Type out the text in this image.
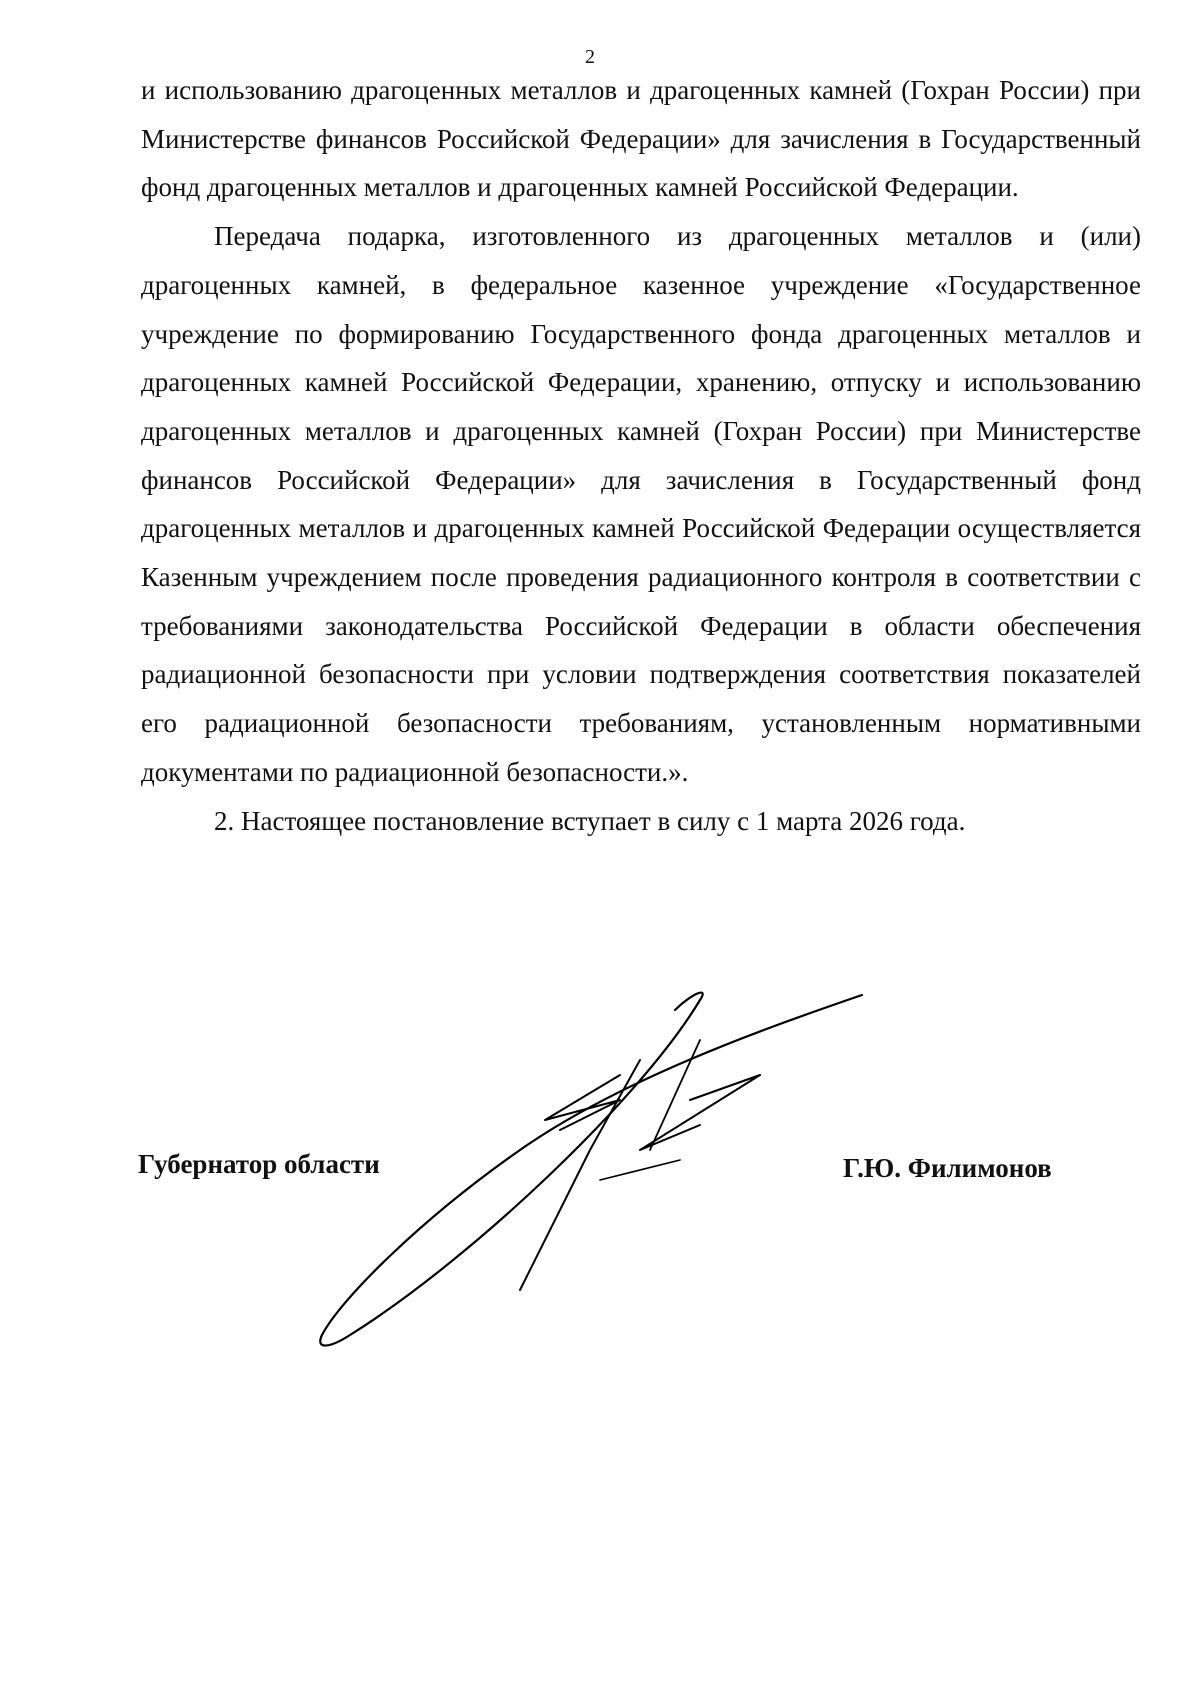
2

и использованию драгоценных металлов и драгоценных камней (Гохран России) при Министерстве финансов Российской Федерации» для зачисления в Государственный фонд драгоценных металлов и драгоценных камней Российской Федерации.

Передача подарка, изготовленного из драгоценных металлов и (или) драгоценных камней, в федеральное казенное учреждение «Государственное учреждение по формированию Государственного фонда драгоценных металлов и драгоценных камней Российской Федерации, хранению, отпуску и использованию драгоценных металлов и драгоценных камней (Гохран России) при Министерстве финансов Российской Федерации» для зачисления в Государственный фонд драгоценных металлов и драгоценных камней Российской Федерации осуществляется Казенным учреждением после проведения радиационного контроля в соответствии с требованиями законодательства Российской Федерации в области обеспечения радиационной безопасности при условии подтверждения соответствия показателей его радиационной безопасности требованиям, установленным нормативными документами по радиационной безопасности.».

2. Настоящее постановление вступает в силу с 1 марта 2026 года.

Губернатор области	Г.Ю. Филимонов
